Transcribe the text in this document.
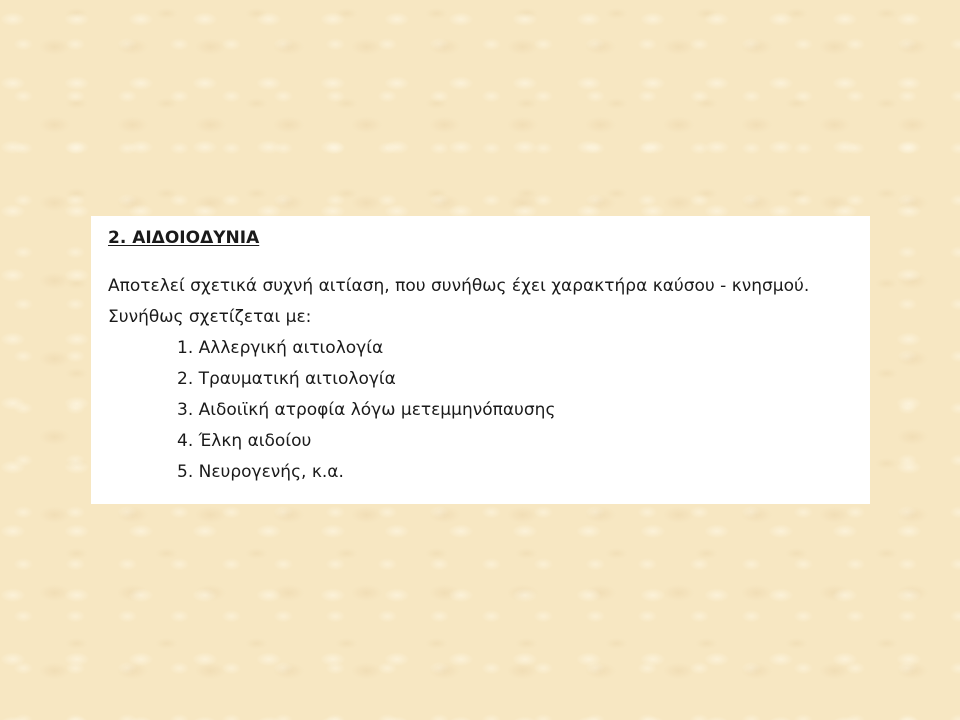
2. ΑΙΔΟΙΟΔΥΝΙΑ
Αποτελεί σχετικά συχνή αιτίαση, που συνήθως έχει χαρακτήρα καύσου - κνησμού.
Συνήθως σχετίζεται με:
1. Αλλεργική αιτιολογία
2. Τραυματική αιτιολογία
3. Αιδοιϊκή ατροφία λόγω μετεμμηνόπαυσης
4. Έλκη αιδοίου
5. Νευρογενής, κ.α.
